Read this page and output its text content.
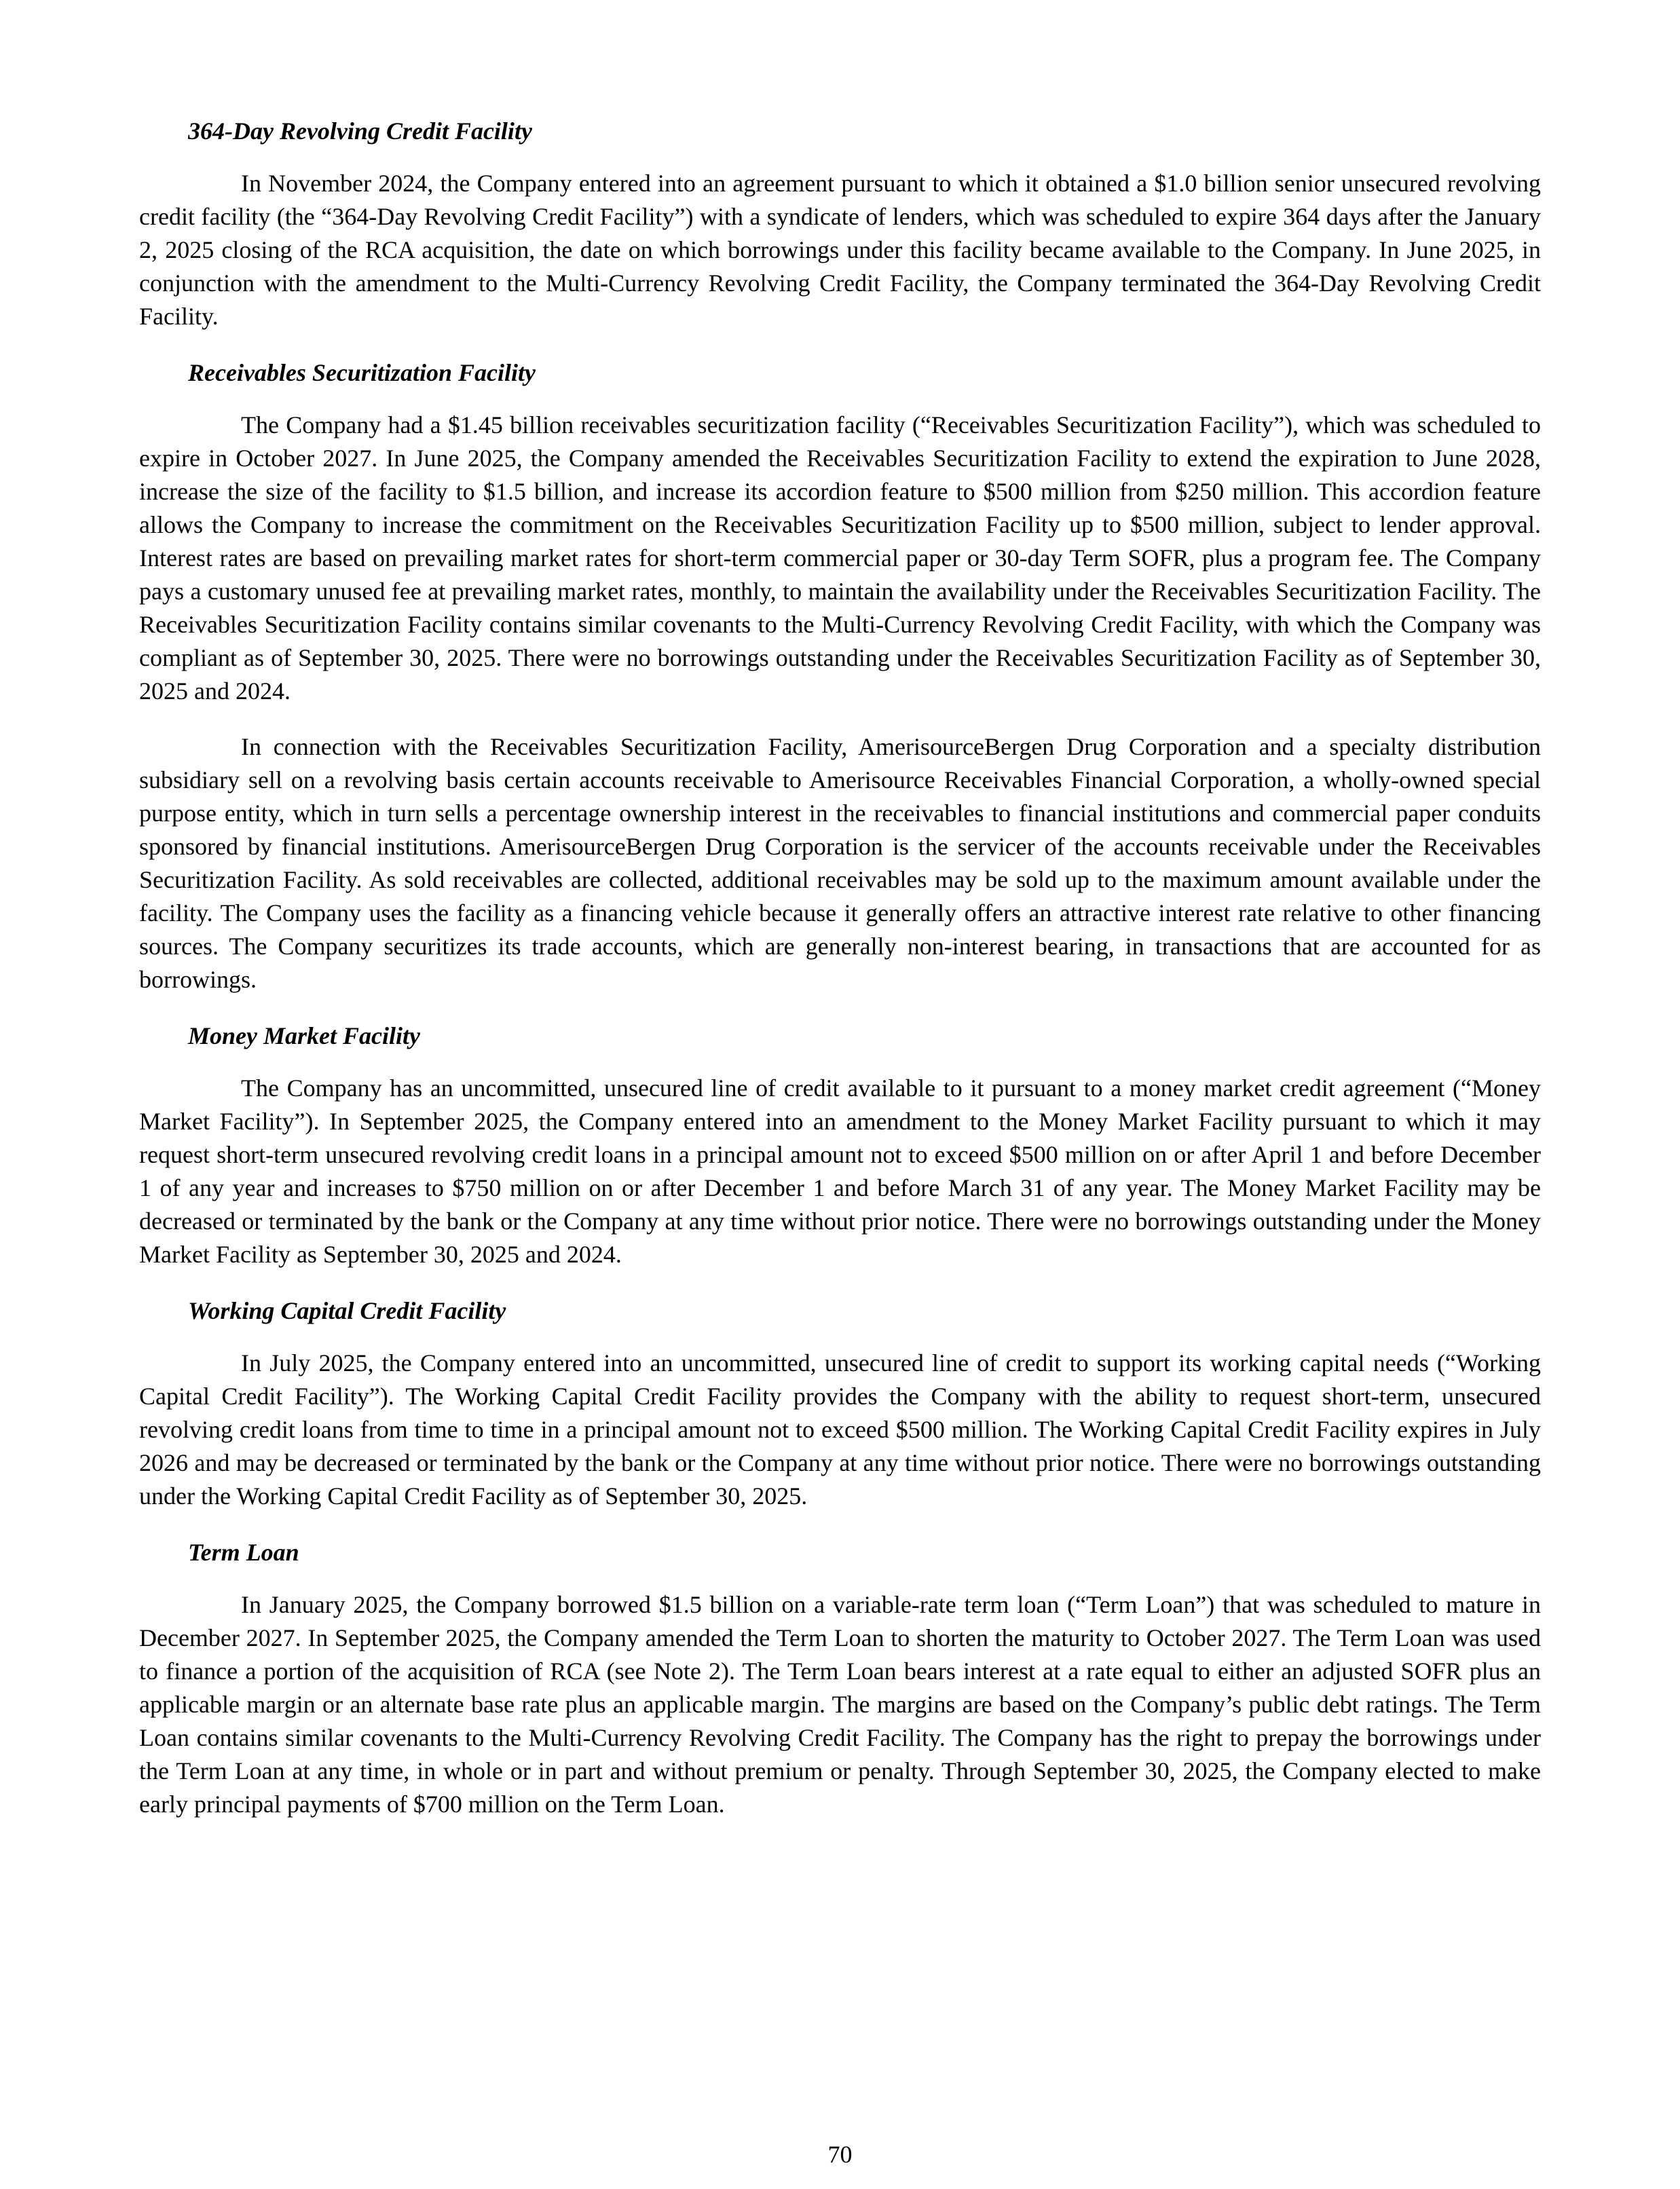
364-Day Revolving Credit Facility

In November 2024, the Company entered into an agreement pursuant to which it obtained a $1.0 billion senior unsecured revolving credit facility (the “364-Day Revolving Credit Facility”) with a syndicate of lenders, which was scheduled to expire 364 days after the January 2, 2025 closing of the RCA acquisition, the date on which borrowings under this facility became available to the Company. In June 2025, in conjunction with the amendment to the Multi-Currency Revolving Credit Facility, the Company terminated the 364-Day Revolving Credit Facility.

Receivables Securitization Facility

The Company had a $1.45 billion receivables securitization facility (“Receivables Securitization Facility”), which was scheduled to expire in October 2027. In June 2025, the Company amended the Receivables Securitization Facility to extend the expiration to June 2028, increase the size of the facility to $1.5 billion, and increase its accordion feature to $500 million from $250 million. This accordion feature allows the Company to increase the commitment on the Receivables Securitization Facility up to $500 million, subject to lender approval. Interest rates are based on prevailing market rates for short-term commercial paper or 30-day Term SOFR, plus a program fee. The Company pays a customary unused fee at prevailing market rates, monthly, to maintain the availability under the Receivables Securitization Facility. The Receivables Securitization Facility contains similar covenants to the Multi-Currency Revolving Credit Facility, with which the Company was compliant as of September 30, 2025. There were no borrowings outstanding under the Receivables Securitization Facility as of September 30, 2025 and 2024.

In connection with the Receivables Securitization Facility, AmerisourceBergen Drug Corporation and a specialty distribution subsidiary sell on a revolving basis certain accounts receivable to Amerisource Receivables Financial Corporation, a wholly-owned special purpose entity, which in turn sells a percentage ownership interest in the receivables to financial institutions and commercial paper conduits sponsored by financial institutions. AmerisourceBergen Drug Corporation is the servicer of the accounts receivable under the Receivables Securitization Facility. As sold receivables are collected, additional receivables may be sold up to the maximum amount available under the facility. The Company uses the facility as a financing vehicle because it generally offers an attractive interest rate relative to other financing sources. The Company securitizes its trade accounts, which are generally non-interest bearing, in transactions that are accounted for as borrowings.

Money Market Facility

The Company has an uncommitted, unsecured line of credit available to it pursuant to a money market credit agreement (“Money Market Facility”). In September 2025, the Company entered into an amendment to the Money Market Facility pursuant to which it may request short-term unsecured revolving credit loans in a principal amount not to exceed $500 million on or after April 1 and before December 1 of any year and increases to $750 million on or after December 1 and before March 31 of any year. The Money Market Facility may be decreased or terminated by the bank or the Company at any time without prior notice. There were no borrowings outstanding under the Money Market Facility as September 30, 2025 and 2024.

Working Capital Credit Facility

In July 2025, the Company entered into an uncommitted, unsecured line of credit to support its working capital needs (“Working Capital Credit Facility”). The Working Capital Credit Facility provides the Company with the ability to request short-term, unsecured revolving credit loans from time to time in a principal amount not to exceed $500 million. The Working Capital Credit Facility expires in July 2026 and may be decreased or terminated by the bank or the Company at any time without prior notice. There were no borrowings outstanding under the Working Capital Credit Facility as of September 30, 2025.

Term Loan

In January 2025, the Company borrowed $1.5 billion on a variable-rate term loan (“Term Loan”) that was scheduled to mature in December 2027. In September 2025, the Company amended the Term Loan to shorten the maturity to October 2027. The Term Loan was used to finance a portion of the acquisition of RCA (see Note 2). The Term Loan bears interest at a rate equal to either an adjusted SOFR plus an applicable margin or an alternate base rate plus an applicable margin. The margins are based on the Company’s public debt ratings. The Term Loan contains similar covenants to the Multi-Currency Revolving Credit Facility. The Company has the right to prepay the borrowings under the Term Loan at any time, in whole or in part and without premium or penalty. Through September 30, 2025, the Company elected to make early principal payments of $700 million on the Term Loan.

70
